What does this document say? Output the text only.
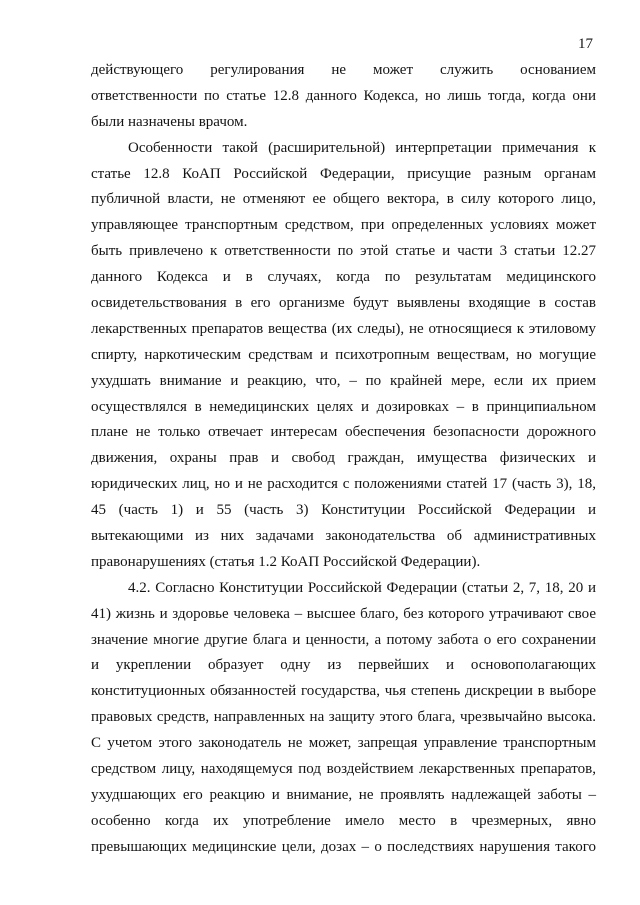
17
действующего регулирования не может служить основанием
ответственности по статье 12.8 данного Кодекса, но лишь тогда, когда они
были назначены врачом.
Особенности такой (расширительной) интерпретации примечания к
статье 12.8 КоАП Российской Федерации, присущие разным органам
публичной власти, не отменяют ее общего вектора, в силу которого лицо,
управляющее транспортным средством, при определенных условиях может
быть привлечено к ответственности по этой статье и части 3 статьи 12.27
данного Кодекса и в случаях, когда по результатам медицинского
освидетельствования в его организме будут выявлены входящие в состав
лекарственных препаратов вещества (их следы), не относящиеся к этиловому
спирту, наркотическим средствам и психотропным веществам, но могущие
ухудшать внимание и реакцию, что, – по крайней мере, если их прием
осуществлялся в немедицинских целях и дозировках – в принципиальном
плане не только отвечает интересам обеспечения безопасности дорожного
движения, охраны прав и свобод граждан, имущества физических и
юридических лиц, но и не расходится с положениями статей 17 (часть 3), 18,
45 (часть 1) и 55 (часть 3) Конституции Российской Федерации и
вытекающими из них задачами законодательства об административных
правонарушениях (статья 1.2 КоАП Российской Федерации).
4.2. Согласно Конституции Российской Федерации (статьи 2, 7, 18, 20 и
41) жизнь и здоровье человека – высшее благо, без которого утрачивают свое
значение многие другие блага и ценности, а потому забота о его сохранении
и укреплении образует одну из первейших и основополагающих
конституционных обязанностей государства, чья степень дискреции в выборе
правовых средств, направленных на защиту этого блага, чрезвычайно высока.
С учетом этого законодатель не может, запрещая управление транспортным
средством лицу, находящемуся под воздействием лекарственных препаратов,
ухудшающих его реакцию и внимание, не проявлять надлежащей заботы –
особенно когда их употребление имело место в чрезмерных, явно
превышающих медицинские цели, дозах – о последствиях нарушения такого
